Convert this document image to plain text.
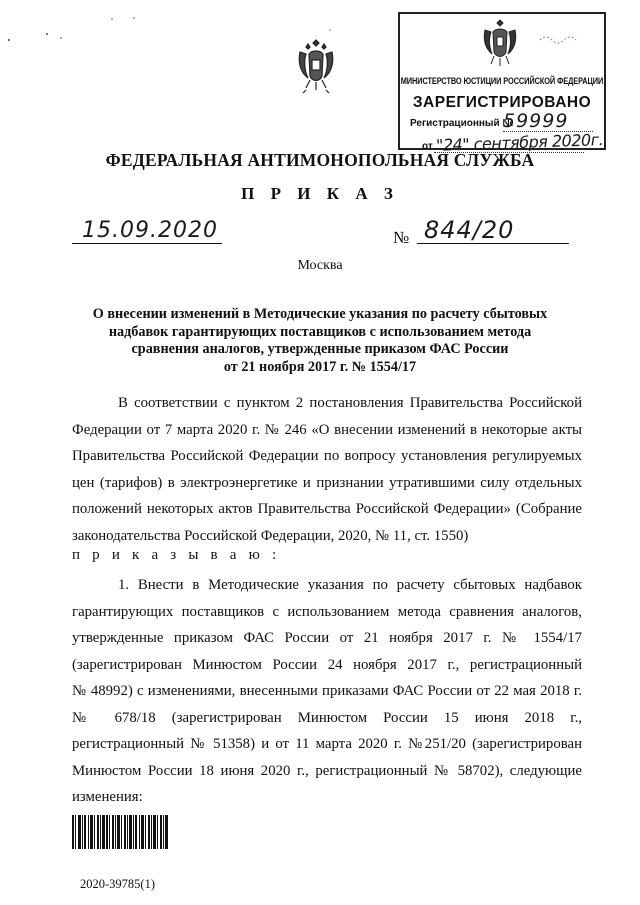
МИНИСТЕРСТВО ЮСТИЦИИ РОССИЙСКОЙ ФЕДЕРАЦИИ
ЗАРЕГИСТРИРОВАНО
Регистрационный №
59999
от "24" сентября 2020г.
ФЕДЕРАЛЬНАЯ АНТИМОНОПОЛЬНАЯ СЛУЖБА
П Р И К А З
15.09.2020	№ 844/20
Москва
О внесении изменений в Методические указания по расчету сбытовых
надбавок гарантирующих поставщиков с использованием метода
сравнения аналогов, утвержденные приказом ФАС России
от 21 ноября 2017 г. № 1554/17
В соответствии с пунктом 2 постановления Правительства Российской
Федерации от 7 марта 2020 г. № 246 «О внесении изменений в некоторые акты
Правительства Российской Федерации по вопросу установления регулируемых
цен (тарифов) в электроэнергетике и признании утратившими силу отдельных
положений некоторых актов Правительства Российской Федерации» (Собрание
законодательства Российской Федерации, 2020, № 11, ст. 1550)
п р и к а з ы в а ю :
1. Внести в Методические указания по расчету сбытовых надбавок
гарантирующих поставщиков с использованием метода сравнения аналогов,
утвержденные приказом ФАС России от 21 ноября 2017 г. № 1554/17
(зарегистрирован Минюстом России 24 ноября 2017 г., регистрационный
№ 48992) с изменениями, внесенными приказами ФАС России от 22 мая 2018 г.
№ 678/18 (зарегистрирован Минюстом России 15 июня 2018 г.,
регистрационный № 51358) и от 11 марта 2020 г. №251/20 (зарегистрирован
Минюстом России 18 июня 2020 г., регистрационный № 58702), следующие
изменения:
2020-39785(1)
